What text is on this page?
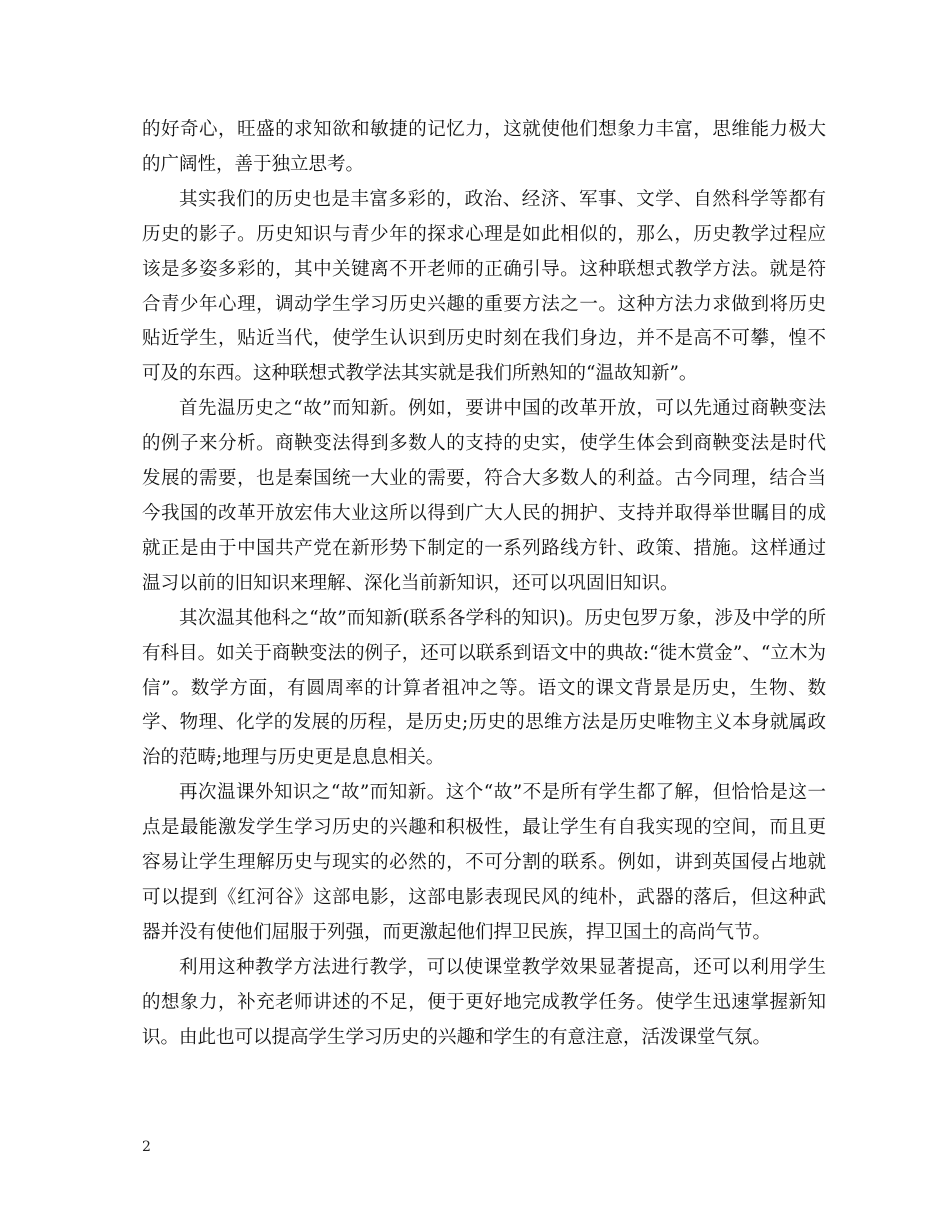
的好奇心，旺盛的求知欲和敏捷的记忆力，这就使他们想象力丰富，思维能力极大的广阔性，善于独立思考。

其实我们的历史也是丰富多彩的，政治、经济、军事、文学、自然科学等都有历史的影子。历史知识与青少年的探求心理是如此相似的，那么，历史教学过程应该是多姿多彩的，其中关键离不开老师的正确引导。这种联想式教学方法。就是符合青少年心理，调动学生学习历史兴趣的重要方法之一。这种方法力求做到将历史贴近学生，贴近当代，使学生认识到历史时刻在我们身边，并不是高不可攀，惶不可及的东西。这种联想式教学法其实就是我们所熟知的“温故知新”。

首先温历史之“故”而知新。例如，要讲中国的改革开放，可以先通过商鞅变法的例子来分析。商鞅变法得到多数人的支持的史实，使学生体会到商鞅变法是时代发展的需要，也是秦国统一大业的需要，符合大多数人的利益。古今同理，结合当今我国的改革开放宏伟大业这所以得到广大人民的拥护、支持并取得举世瞩目的成就正是由于中国共产党在新形势下制定的一系列路线方针、政策、措施。这样通过温习以前的旧知识来理解、深化当前新知识，还可以巩固旧知识。

其次温其他科之“故”而知新(联系各学科的知识)。历史包罗万象，涉及中学的所有科目。如关于商鞅变法的例子，还可以联系到语文中的典故:“徙木赏金”、“立木为信”。数学方面，有圆周率的计算者祖冲之等。语文的课文背景是历史，生物、数学、物理、化学的发展的历程，是历史;历史的思维方法是历史唯物主义本身就属政治的范畴;地理与历史更是息息相关。

再次温课外知识之“故”而知新。这个“故”不是所有学生都了解，但恰恰是这一点是最能激发学生学习历史的兴趣和积极性，最让学生有自我实现的空间，而且更容易让学生理解历史与现实的必然的，不可分割的联系。例如，讲到英国侵占地就可以提到《红河谷》这部电影，这部电影表现民风的纯朴，武器的落后，但这种武器并没有使他们屈服于列强，而更激起他们捍卫民族，捍卫国土的高尚气节。

利用这种教学方法进行教学，可以使课堂教学效果显著提高，还可以利用学生的想象力，补充老师讲述的不足，便于更好地完成教学任务。使学生迅速掌握新知识。由此也可以提高学生学习历史的兴趣和学生的有意注意，活泼课堂气氛。

2
